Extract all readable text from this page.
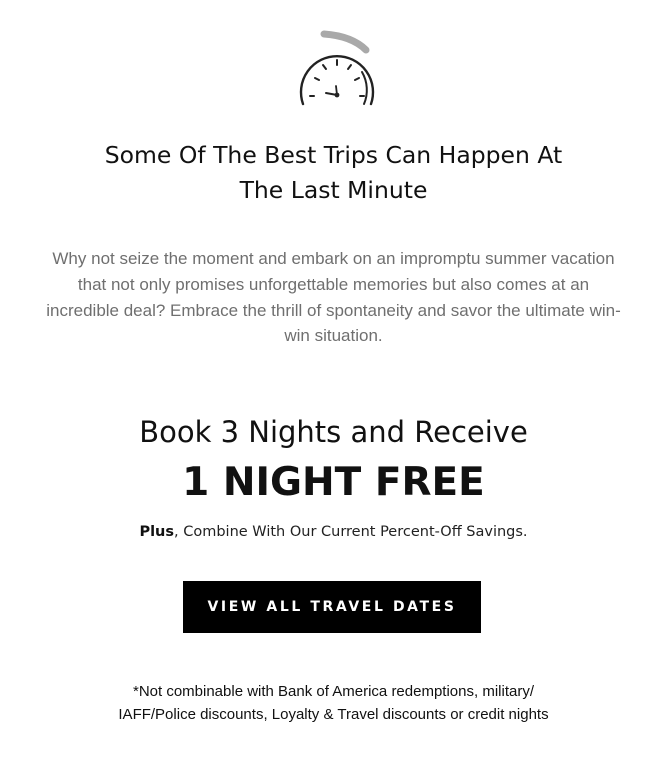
Some Of The Best Trips Can Happen At
The Last Minute

Why not seize the moment and embark on an impromptu summer vacation that not only promises unforgettable memories but also comes at an incredible deal? Embrace the thrill of spontaneity and savor the ultimate win-win situation.

Book 3 Nights and Receive
1 NIGHT FREE
Plus, Combine With Our Current Percent-Off Savings.
VIEW ALL TRAVEL DATES

*Not combinable with Bank of America redemptions, military/
IAFF/Police discounts, Loyalty & Travel discounts or credit nights
